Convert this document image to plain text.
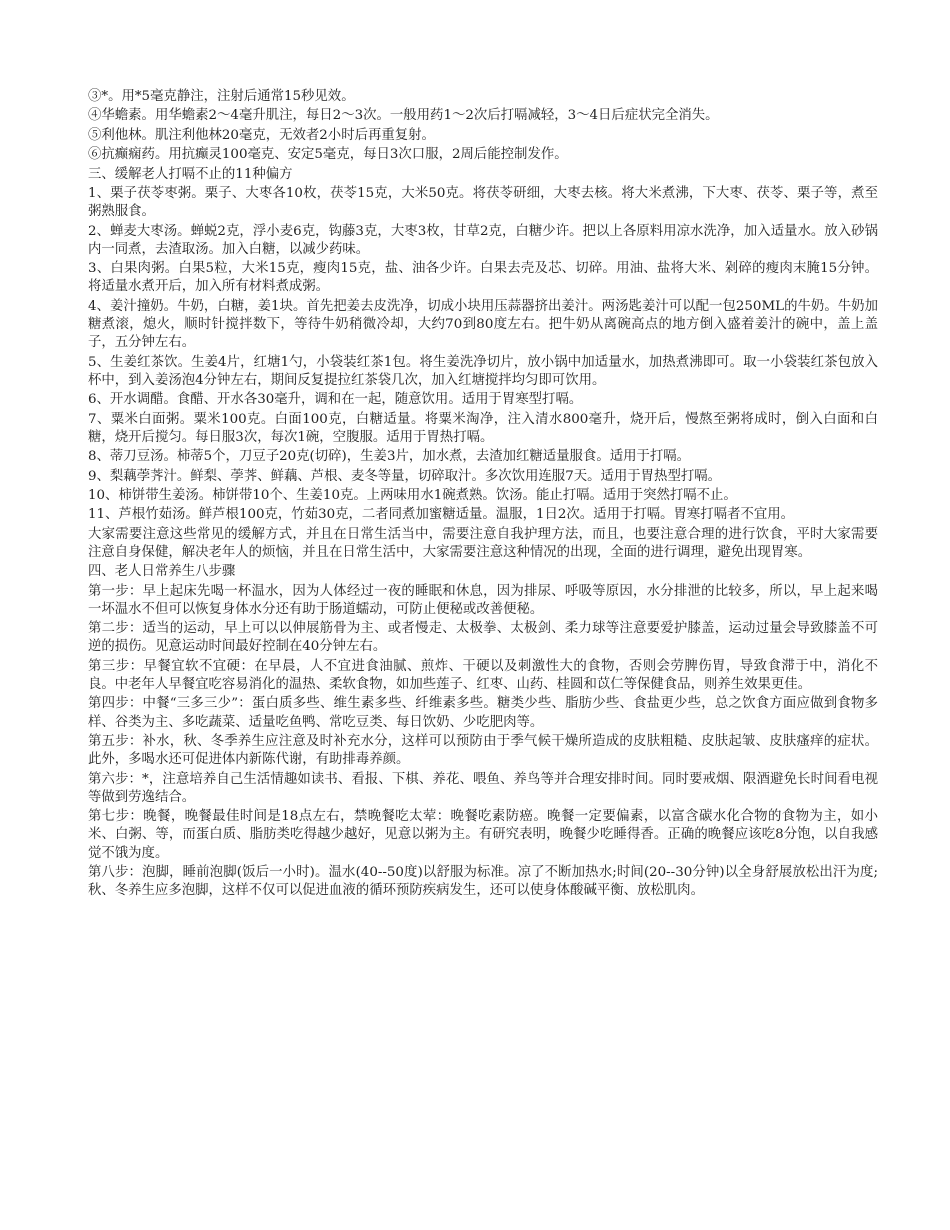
③*。用*5毫克静注，注射后通常15秒见效。

④华蟾素。用华蟾素2～4毫升肌注，每日2～3次。一般用药1～2次后打嗝减轻，3～4日后症状完全消失。

⑤利他林。肌注利他林20毫克，无效者2小时后再重复射。

⑥抗癫痫药。用抗癫灵100毫克、安定5毫克，每日3次口服，2周后能控制发作。

三、缓解老人打嗝不止的11种偏方

1、栗子茯苓枣粥。栗子、大枣各10枚，茯苓15克，大米50克。将茯苓研细，大枣去核。将大米煮沸，下大枣、茯苓、栗子等，煮至粥熟服食。

2、蝉麦大枣汤。蝉蜕2克，浮小麦6克，钩藤3克，大枣3枚，甘草2克，白糖少许。把以上各原料用凉水洗净，加入适量水。放入砂锅内一同煮，去渣取汤。加入白糖，以减少药味。

3、白果肉粥。白果5粒，大米15克，瘦肉15克，盐、油各少许。白果去壳及芯、切碎。用油、盐将大米、剁碎的瘦肉末腌15分钟。将适量水煮开后，加入所有材料煮成粥。

4、姜汁撞奶。牛奶，白糖，姜1块。首先把姜去皮洗净，切成小块用压蒜器挤出姜汁。两汤匙姜汁可以配一包250ML的牛奶。牛奶加糖煮滚，熄火，顺时针搅拌数下，等待牛奶稍微冷却，大约70到80度左右。把牛奶从离碗高点的地方倒入盛着姜汁的碗中，盖上盖子，五分钟左右。

5、生姜红茶饮。生姜4片，红塘1勺，小袋装红茶1包。将生姜洗净切片，放小锅中加适量水，加热煮沸即可。取一小袋装红茶包放入杯中，到入姜汤泡4分钟左右，期间反复提拉红茶袋几次，加入红塘搅拌均匀即可饮用。

6、开水调醋。食醋、开水各30毫升，调和在一起，随意饮用。适用于胃寒型打嗝。

7、粟米白面粥。粟米100克。白面100克，白糖适量。将粟米淘净，注入清水800毫升，烧开后，慢熬至粥将成时，倒入白面和白糖，烧开后搅匀。每日服3次，每次1碗，空腹服。适用于胃热打嗝。

8、蒂刀豆汤。柿蒂5个，刀豆子20克(切碎)，生姜3片，加水煮，去渣加红糖适量服食。适用于打嗝。

9、梨藕荸荠汁。鲜梨、荸荠、鲜藕、芦根、麦冬等量，切碎取汁。多次饮用连服7天。适用于胃热型打嗝。

10、柿饼带生姜汤。柿饼带10个、生姜10克。上两味用水1碗煮熟。饮汤。能止打嗝。适用于突然打嗝不止。

11、芦根竹茹汤。鲜芦根100克，竹茹30克，二者同煮加蜜糖适量。温服，1日2次。适用于打嗝。胃寒打嗝者不宜用。

大家需要注意这些常见的缓解方式，并且在日常生活当中，需要注意自我护理方法，而且，也要注意合理的进行饮食，平时大家需要注意自身保健，解决老年人的烦恼，并且在日常生活中，大家需要注意这种情况的出现，全面的进行调理，避免出现胃寒。

四、老人日常养生八步骤

第一步：早上起床先喝一杯温水，因为人体经过一夜的睡眠和休息，因为排尿、呼吸等原因，水分排泄的比较多，所以，早上起来喝一坏温水不但可以恢复身体水分还有助于肠道蠕动，可防止便秘或改善便秘。

第二步：适当的运动，早上可以以伸展筋骨为主、或者慢走、太极拳、太极剑、柔力球等注意要爱护膝盖，运动过量会导致膝盖不可逆的损伤。见意运动时间最好控制在40分钟左右。

第三步：早餐宜软不宜硬：在早晨，人不宜进食油腻、煎炸、干硬以及刺激性大的食物，否则会劳脾伤胃，导致食滞于中，消化不良。中老年人早餐宜吃容易消化的温热、柔软食物，如加些莲子、红枣、山药、桂圆和苡仁等保健食品，则养生效果更佳。

第四步：中餐“三多三少”：蛋白质多些、维生素多些、纤维素多些。糖类少些、脂肪少些、食盐更少些，总之饮食方面应做到食物多样、谷类为主、多吃蔬菜、适量吃鱼鸭、常吃豆类、每日饮奶、少吃肥肉等。

第五步：补水，秋、冬季养生应注意及时补充水分，这样可以预防由于季气候干燥所造成的皮肤粗糙、皮肤起皱、皮肤瘙痒的症状。此外，多喝水还可促进体内新陈代谢，有助排毒养颜。

第六步：*，注意培养自己生活情趣如读书、看报、下棋、养花、喂鱼、养鸟等并合理安排时间。同时要戒烟、限酒避免长时间看电视等做到劳逸结合。

第七步：晚餐，晚餐最佳时间是18点左右，禁晚餐吃太荤：晚餐吃素防癌。晚餐一定要偏素，以富含碳水化合物的食物为主，如小米、白粥、等，而蛋白质、脂肪类吃得越少越好，见意以粥为主。有研究表明，晚餐少吃睡得香。正确的晚餐应该吃8分饱，以自我感觉不饿为度。

第八步：泡脚，睡前泡脚(饭后一小时)。温水(40--50度)以舒服为标准。凉了不断加热水;时间(20--30分钟)以全身舒展放松出汗为度;秋、冬养生应多泡脚，这样不仅可以促进血液的循环预防疾病发生，还可以使身体酸碱平衡、放松肌肉。
